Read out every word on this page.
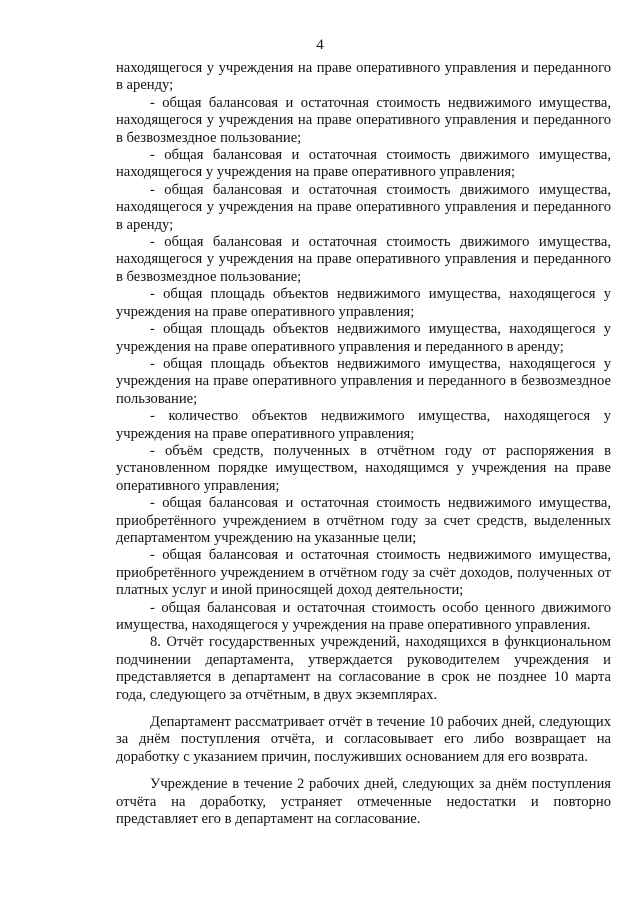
4

находящегося у учреждения на праве оперативного управления и переданного в аренду;

- общая балансовая и остаточная стоимость недвижимого имущества, находящегося у учреждения на праве оперативного управления и переданного в безвозмездное пользование;

- общая балансовая и остаточная стоимость движимого имущества, находящегося у учреждения на праве оперативного управления;

- общая балансовая и остаточная стоимость движимого имущества, находящегося у учреждения на праве оперативного управления и переданного в аренду;

- общая балансовая и остаточная стоимость движимого имущества, находящегося у учреждения на праве оперативного управления и переданного в безвозмездное пользование;

- общая площадь объектов недвижимого имущества, находящегося у учреждения на праве оперативного управления;

- общая площадь объектов недвижимого имущества, находящегося у учреждения на праве оперативного управления и переданного в аренду;

- общая площадь объектов недвижимого имущества, находящегося у учреждения на праве оперативного управления и переданного в безвозмездное пользование;

- количество объектов недвижимого имущества, находящегося у учреждения на праве оперативного управления;

- объём средств, полученных в отчётном году от распоряжения в установленном порядке имуществом, находящимся у учреждения на праве оперативного управления;

- общая балансовая и остаточная стоимость недвижимого имущества, приобретённого учреждением в отчётном году за счет средств, выделенных департаментом учреждению на указанные цели;

- общая балансовая и остаточная стоимость недвижимого имущества, приобретённого учреждением в отчётном году за счёт доходов, полученных от платных услуг и иной приносящей доход деятельности;

- общая балансовая и остаточная стоимость особо ценного движимого имущества, находящегося у учреждения на праве оперативного управления.

8. Отчёт государственных учреждений, находящихся в функциональном подчинении департамента, утверждается руководителем учреждения и представляется в департамент на согласование в срок не позднее 10 марта года, следующего за отчётным, в двух экземплярах.

Департамент рассматривает отчёт в течение 10 рабочих дней, следующих за днём поступления отчёта, и согласовывает его либо возвращает на доработку с указанием причин, послуживших основанием для его возврата.

Учреждение в течение 2 рабочих дней, следующих за днём поступления отчёта на доработку, устраняет отмеченные недостатки и повторно представляет его в департамент на согласование.
